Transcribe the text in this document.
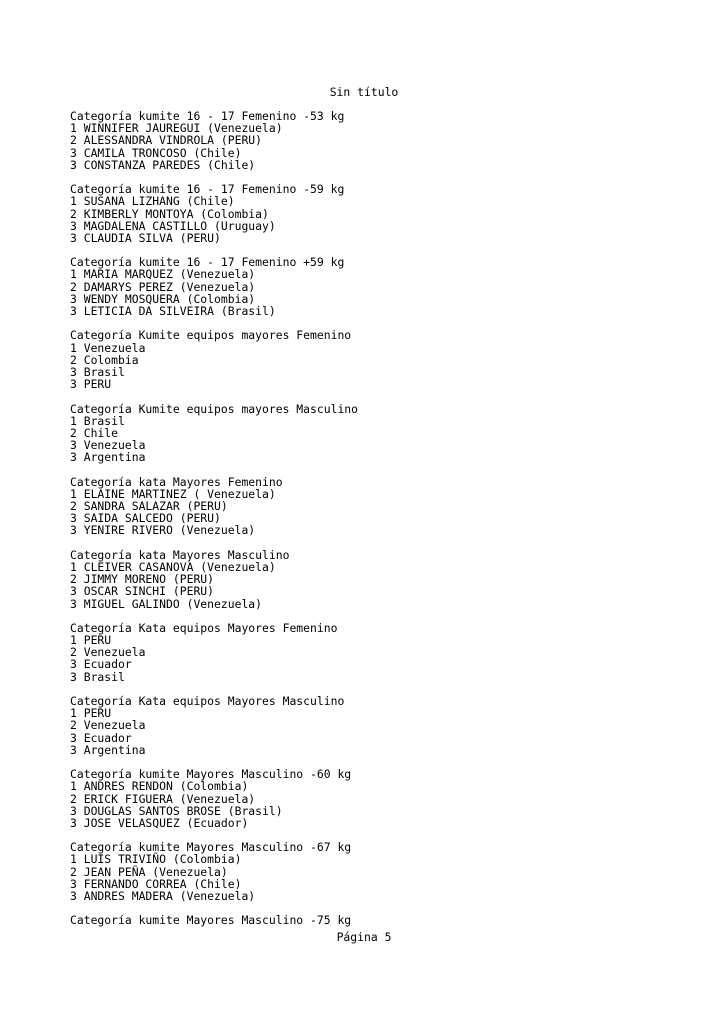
Sin título
Categoría kumite 16 - 17 Femenino -53 kg
1 WINNIFER JAUREGUI (Venezuela)
2 ALESSANDRA VINDROLA (PERU)
3 CAMILA TRONCOSO (Chile)
3 CONSTANZA PAREDES (Chile)
Categoría kumite 16 - 17 Femenino -59 kg
1 SUSANA LIZHANG (Chile)
2 KIMBERLY MONTOYA (Colombia)
3 MAGDALENA CASTILLO (Uruguay)
3 CLAUDIA SILVA (PERU)
Categoría kumite 16 - 17 Femenino +59 kg
1 MARIA MARQUEZ (Venezuela)
2 DAMARYS PEREZ (Venezuela)
3 WENDY MOSQUERA (Colombia)
3 LETICIA DA SILVEIRA (Brasil)
Categoría Kumite equipos mayores Femenino
1 Venezuela
2 Colombia
3 Brasil
3 PERU
Categoría Kumite equipos mayores Masculino
1 Brasil
2 Chile
3 Venezuela
3 Argentina
Categoría kata Mayores Femenino
1 ELAINE MARTINEZ ( Venezuela)
2 SANDRA SALAZAR (PERU)
3 SAIDA SALCEDO (PERU)
3 YENIRE RIVERO (Venezuela)
Categoría kata Mayores Masculino
1 CLEIVER CASANOVA (Venezuela)
2 JIMMY MORENO (PERU)
3 OSCAR SINCHI (PERU)
3 MIGUEL GALINDO (Venezuela)
Categoría Kata equipos Mayores Femenino
1 PERU
2 Venezuela
3 Ecuador
3 Brasil
Categoría Kata equipos Mayores Masculino
1 PERU
2 Venezuela
3 Ecuador
3 Argentina
Categoría kumite Mayores Masculino -60 kg
1 ANDRES RENDON (Colombia)
2 ERICK FIGUERA (Venezuela)
3 DOUGLAS SANTOS BROSE (Brasil)
3 JOSE VELASQUEZ (Ecuador)
Categoría kumite Mayores Masculino -67 kg
1 LUIS TRIVIÑO (Colombia)
2 JEAN PEÑA (Venezuela)
3 FERNANDO CORREA (Chile)
3 ANDRES MADERA (Venezuela)
Categoría kumite Mayores Masculino -75 kg
Página 5
